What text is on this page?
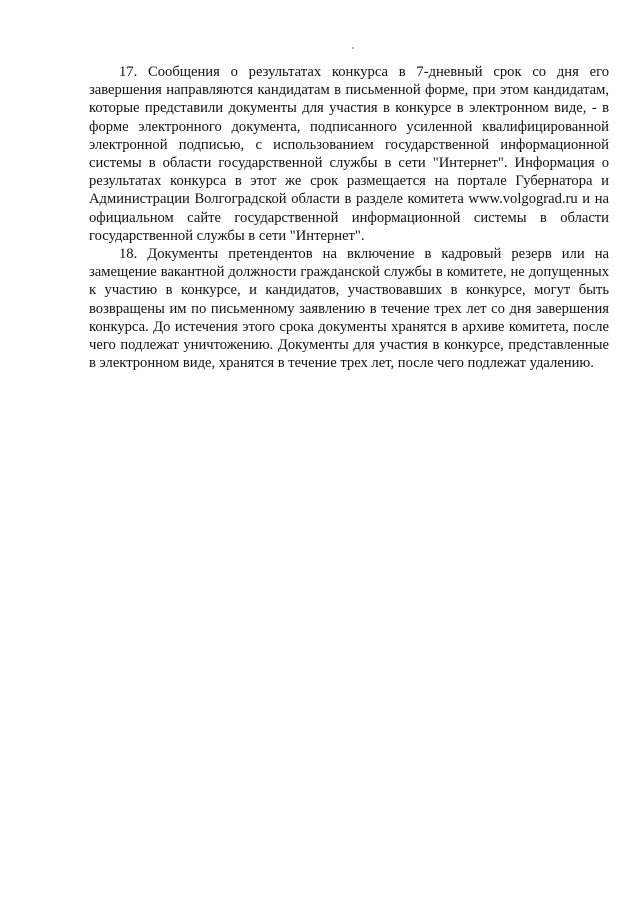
17. Сообщения о результатах конкурса в 7-дневный срок со дня его завершения направляются кандидатам в письменной форме, при этом кандидатам, которые представили документы для участия в конкурсе в электронном виде, - в форме электронного документа, подписанного усиленной квалифицированной электронной подписью, с использованием государственной информационной системы в области государственной службы в сети "Интернет". Информация о результатах конкурса в этот же срок размещается на портале Губернатора и Администрации Волгоградской области в разделе комитета www.volgograd.ru и на официальном сайте государственной информационной системы в области государственной службы в сети "Интернет".

18. Документы претендентов на включение в кадровый резерв или на замещение вакантной должности гражданской службы в комитете, не допущенных к участию в конкурсе, и кандидатов, участвовавших в конкурсе, могут быть возвращены им по письменному заявлению в течение трех лет со дня завершения конкурса. До истечения этого срока документы хранятся в архиве комитета, после чего подлежат уничтожению. Документы для участия в конкурсе, представленные в электронном виде, хранятся в течение трех лет, после чего подлежат удалению.
